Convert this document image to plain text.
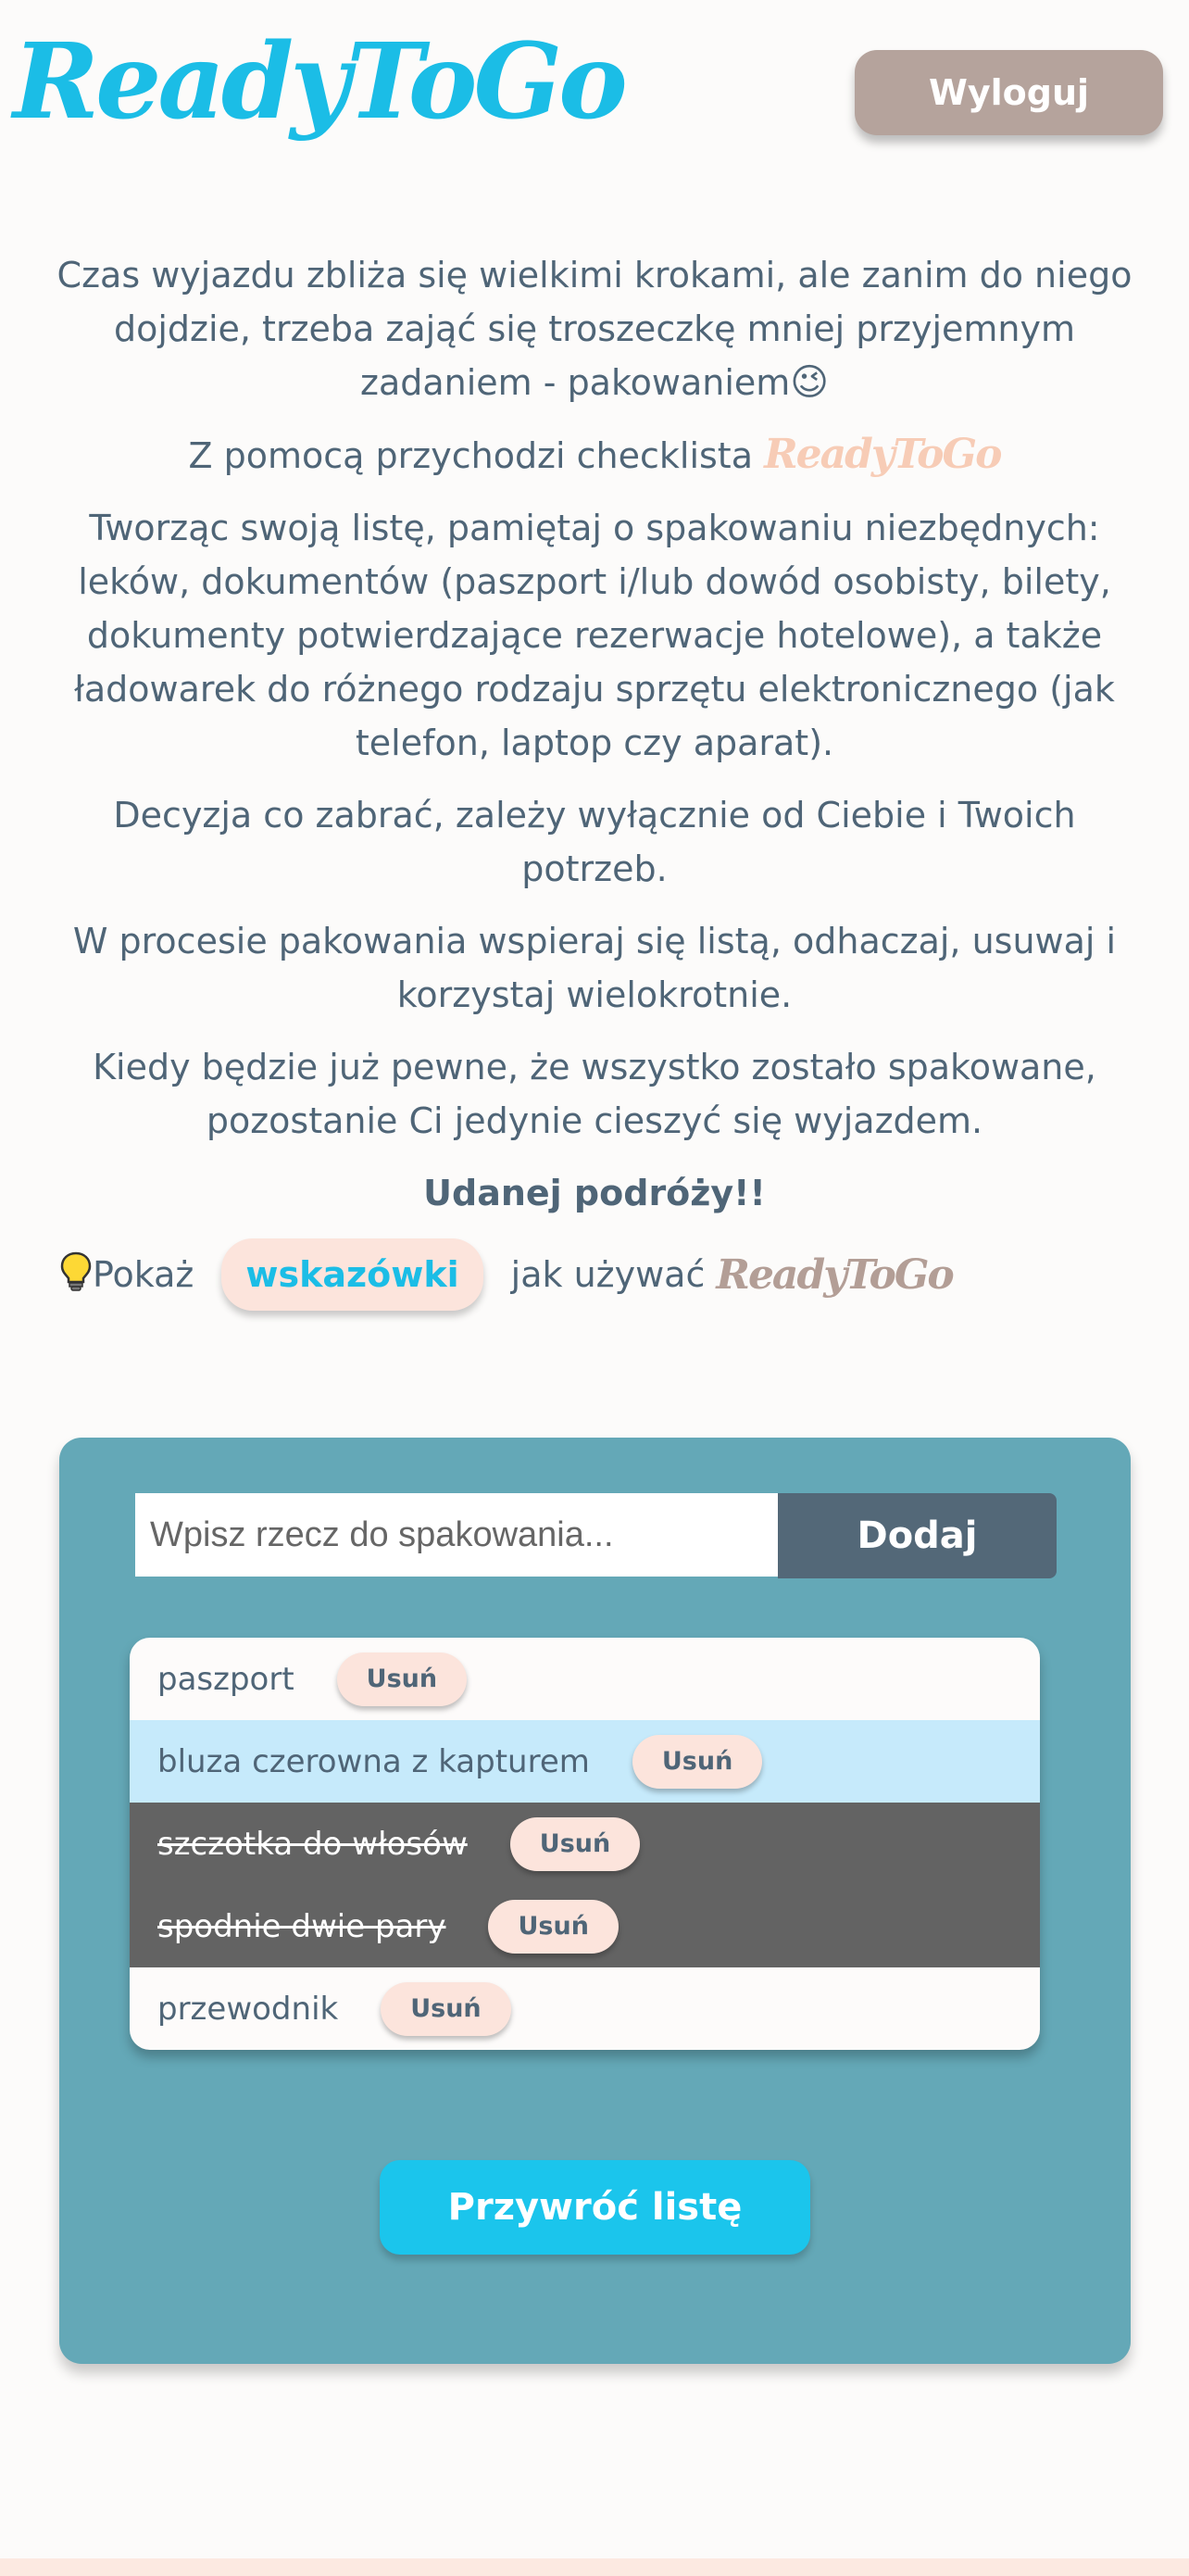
ReadyToGo	Wyloguj

Czas wyjazdu zbliża się wielkimi krokami, ale zanim do niego dojdzie, trzeba zająć się troszeczkę mniej przyjemnym zadaniem - pakowaniem😉

Z pomocą przychodzi checklista ReadyToGo

Tworząc swoją listę, pamiętaj o spakowaniu niezbędnych: leków, dokumentów (paszport i/lub dowód osobisty, bilety, dokumenty potwierdzające rezerwacje hotelowe), a także ładowarek do różnego rodzaju sprzętu elektronicznego (jak telefon, laptop czy aparat).

Decyzja co zabrać, zależy wyłącznie od Ciebie i Twoich potrzeb.

W procesie pakowania wspieraj się listą, odhaczaj, usuwaj i korzystaj wielokrotnie.

Kiedy będzie już pewne, że wszystko zostało spakowane, pozostanie Ci jedynie cieszyć się wyjazdem.

Udanej podróży!!

Pokaż	wskazówki	jak używać ReadyToGo
Wpisz rzecz do spakowania...
Dodaj
paszport	Usuń
bluza czerowna z kapturem	Usuń
szczotka do włosów	Usuń
spodnie dwie pary	Usuń
przewodnik	Usuń
Przywróć listę
